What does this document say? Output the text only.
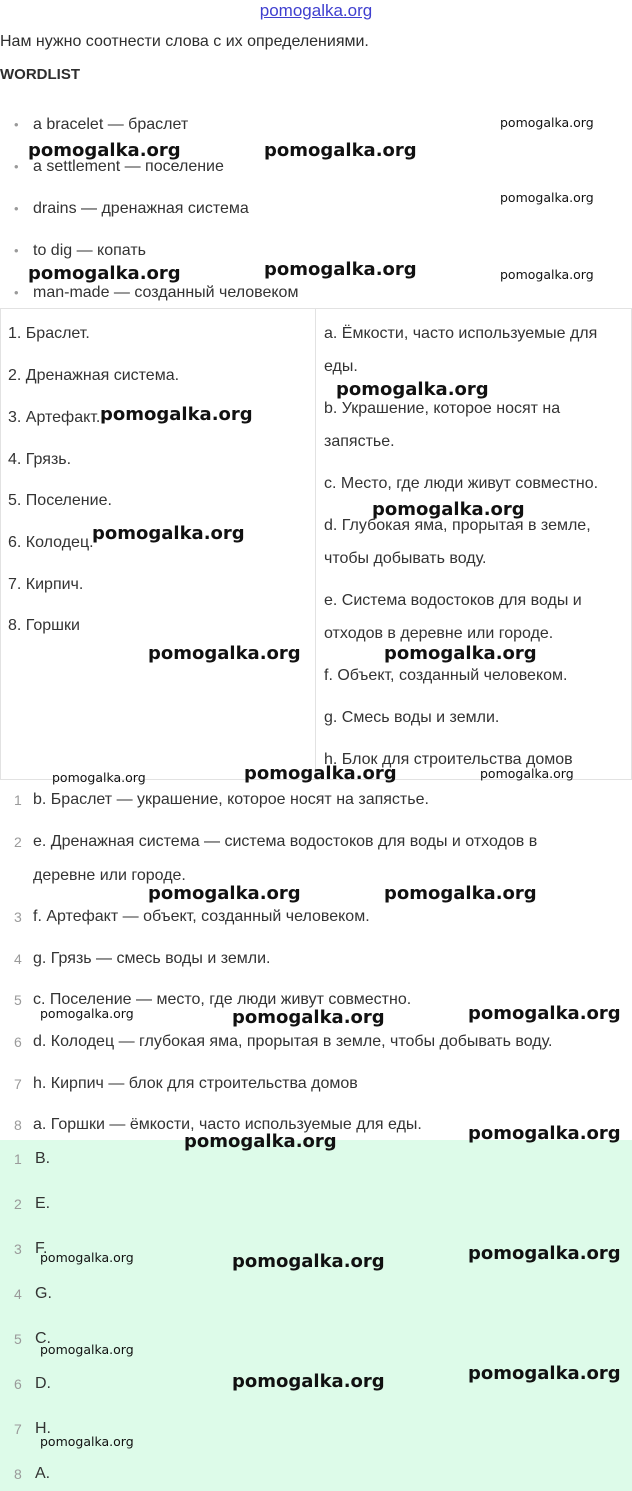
pomogalka.org
Нам нужно соотнести слова с их определениями.
WORDLIST
• a bracelet — браслет
• a settlement — поселение
• drains — дренажная система
• to dig — копать
• man-made — созданный человеком
1. Браслет.
2. Дренажная система.
3. Артефакт.
4. Грязь.
5. Поселение.
6. Колодец.
7. Кирпич.
8. Горшки
a. Ёмкости, часто используемые для еды.
b. Украшение, которое носят на запястье.
c. Место, где люди живут совместно.
d. Глубокая яма, прорытая в земле, чтобы добывать воду.
e. Система водостоков для воды и отходов в деревне или городе.
f. Объект, созданный человеком.
g. Смесь воды и земли.
h. Блок для строительства домов
1 b. Браслет — украшение, которое носят на запястье.
2 e. Дренажная система — система водостоков для воды и отходов в деревне или городе.
3 f. Артефакт — объект, созданный человеком.
4 g. Грязь — смесь воды и земли.
5 c. Поселение — место, где люди живут совместно.
6 d. Колодец — глубокая яма, прорытая в земле, чтобы добывать воду.
7 h. Кирпич — блок для строительства домов
8 a. Горшки — ёмкости, часто используемые для еды.
1 B.
2 E.
3 F.
4 G.
5 C.
6 D.
7 H.
8 A.
pomogalka.org
pomogalka.org	pomogalka.org
pomogalka.org
pomogalka.org	pomogalka.org	pomogalka.org
pomogalka.org
pomogalka.org
pomogalka.org
pomogalka.org
pomogalka.org	pomogalka.org
pomogalka.org	pomogalka.org	pomogalka.org
pomogalka.org	pomogalka.org
pomogalka.org	pomogalka.org	pomogalka.org
pomogalka.org	pomogalka.org
pomogalka.org	pomogalka.org	pomogalka.org
pomogalka.org
pomogalka.org	pomogalka.org
pomogalka.org
